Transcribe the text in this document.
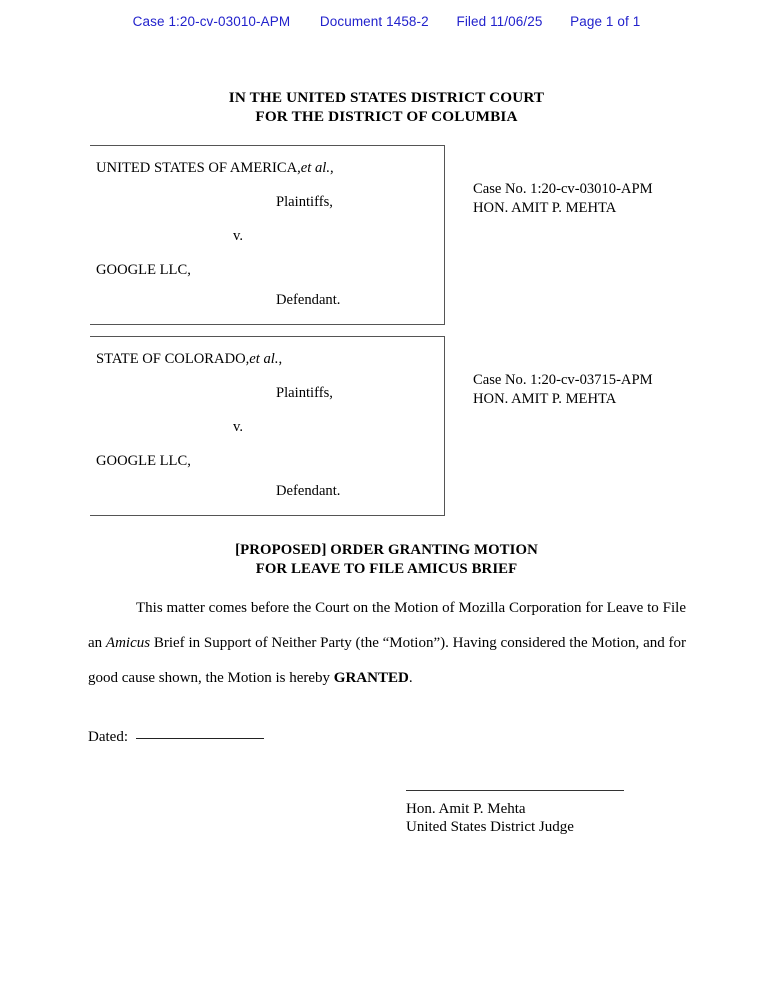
Case 1:20-cv-03010-APM Document 1458-2 Filed 11/06/25 Page 1 of 1
IN THE UNITED STATES DISTRICT COURT
FOR THE DISTRICT OF COLUMBIA
UNITED STATES OF AMERICA,et al.,
Plaintiffs,
v.
GOOGLE LLC,
Defendant.
Case No. 1:20-cv-03010-APM
HON. AMIT P. MEHTA
STATE OF COLORADO,et al.,
Plaintiffs,
v.
GOOGLE LLC,
Defendant.
Case No. 1:20-cv-03715-APM
HON. AMIT P. MEHTA
[PROPOSED] ORDER GRANTING MOTION
FOR LEAVE TO FILE AMICUS BRIEF
This matter comes before the Court on the Motion of Mozilla Corporation for Leave to File an Amicus Brief in Support of Neither Party (the “Motion”). Having considered the Motion, and for good cause shown, the Motion is hereby GRANTED.
Dated:
Hon. Amit P. Mehta
United States District Judge
